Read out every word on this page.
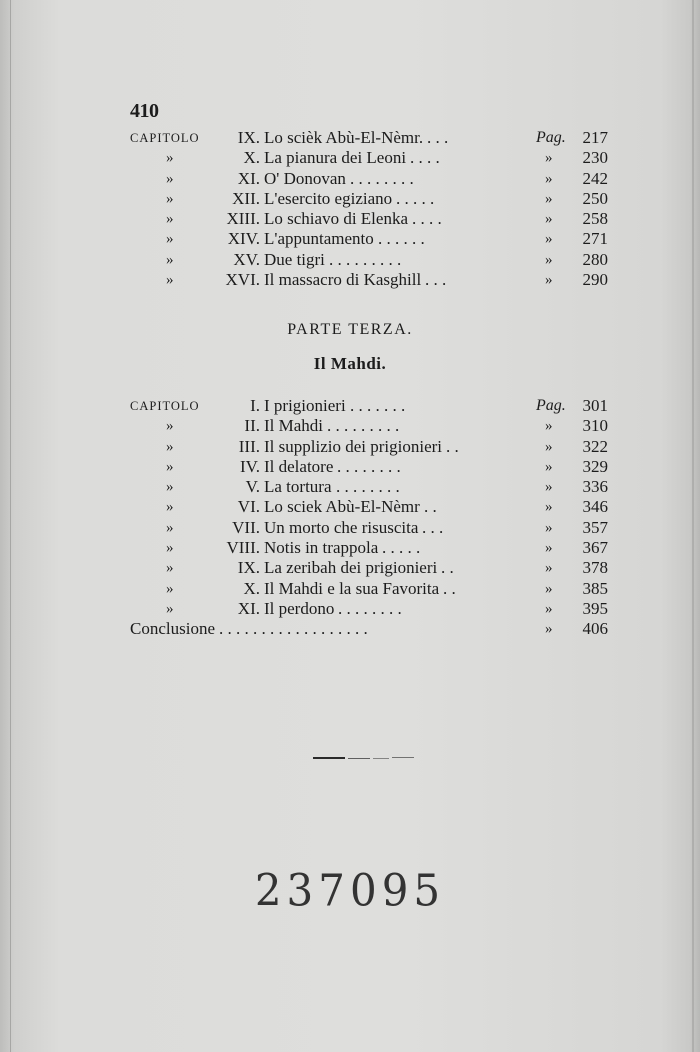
410
CAPITOLO IX. Lo scièk Abù-El-Nèmr. . . .	Pag. 217
»	X. La pianura dei Leoni . . . .	» 230
»	XI. O' Donovan . . . . . . . .	» 242
»	XII. L'esercito egiziano . . . . .	» 250
»	XIII. Lo schiavo di Elenka . . . .	» 258
»	XIV. L'appuntamento . . . . . .	» 271
»	XV. Due tigri . . . . . . . . .	» 280
»	XVI. Il massacro di Kasghill . . .	» 290
PARTE TERZA.
Il Mahdi.
CAPITOLO	I. I prigionieri . . . . . . .	Pag. 301
»	II. Il Mahdi . . . . . . . . .	» 310
»	III. Il supplizio dei prigionieri . .	» 322
»	IV. Il delatore . . . . . . . .	» 329
»	V. La tortura . . . . . . . .	» 336
»	VI. Lo sciek Abù-El-Nèmr . .	» 346
»	VII. Un morto che risuscita . . .	» 357
»	VIII. Notis in trappola . . . . .	» 367
»	IX. La zeribah dei prigionieri . .	» 378
»	X. Il Mahdi e la sua Favorita . .	» 385
»	XI. Il perdono . . . . . . . .	» 395
Conclusione . . . . . . . . . . . . . . . . . .	» 406
237095
